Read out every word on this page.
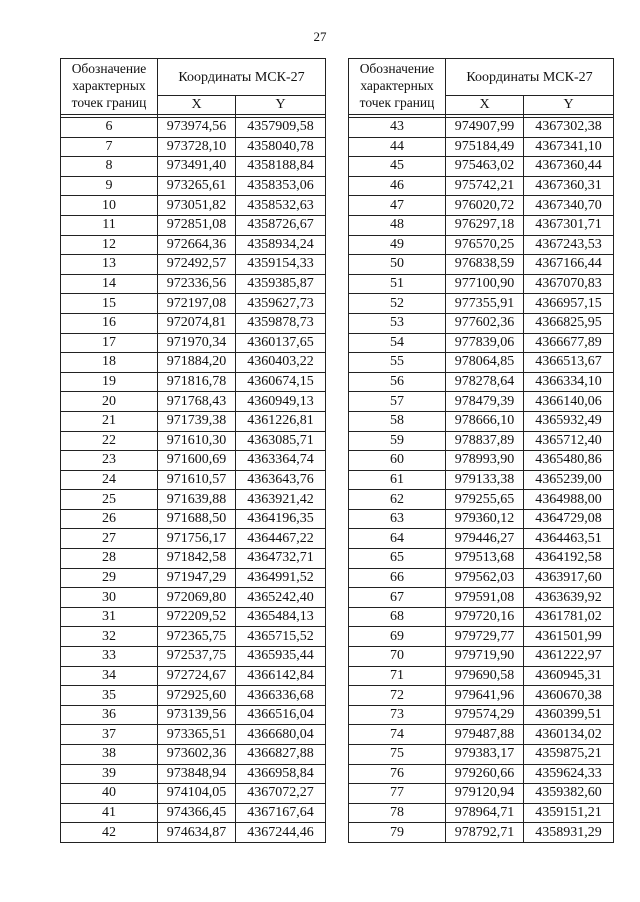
27
Обозначение характерных точек границ	Координаты МСК-27	
	X	Y

6	973974,56	4357909,58
7	973728,10	4358040,78
8	973491,40	4358188,84
9	973265,61	4358353,06
10	973051,82	4358532,63
11	972851,08	4358726,67
12	972664,36	4358934,24
13	972492,57	4359154,33
14	972336,56	4359385,87
15	972197,08	4359627,73
16	972074,81	4359878,73
17	971970,34	4360137,65
18	971884,20	4360403,22
19	971816,78	4360674,15
20	971768,43	4360949,13
21	971739,38	4361226,81
22	971610,30	4363085,71
23	971600,69	4363364,74
24	971610,57	4363643,76
25	971639,88	4363921,42
26	971688,50	4364196,35
27	971756,17	4364467,22
28	971842,58	4364732,71
29	971947,29	4364991,52
30	972069,80	4365242,40
31	972209,52	4365484,13
32	972365,75	4365715,52
33	972537,75	4365935,44
34	972724,67	4366142,84
35	972925,60	4366336,68
36	973139,56	4366516,04
37	973365,51	4366680,04
38	973602,36	4366827,88
39	973848,94	4366958,84
40	974104,05	4367072,27
41	974366,45	4367167,64
42	974634,87	4367244,46
Обозначение характерных точек границ	Координаты МСК-27	
	X	Y

43	974907,99	4367302,38
44	975184,49	4367341,10
45	975463,02	4367360,44
46	975742,21	4367360,31
47	976020,72	4367340,70
48	976297,18	4367301,71
49	976570,25	4367243,53
50	976838,59	4367166,44
51	977100,90	4367070,83
52	977355,91	4366957,15
53	977602,36	4366825,95
54	977839,06	4366677,89
55	978064,85	4366513,67
56	978278,64	4366334,10
57	978479,39	4366140,06
58	978666,10	4365932,49
59	978837,89	4365712,40
60	978993,90	4365480,86
61	979133,38	4365239,00
62	979255,65	4364988,00
63	979360,12	4364729,08
64	979446,27	4364463,51
65	979513,68	4364192,58
66	979562,03	4363917,60
67	979591,08	4363639,92
68	979720,16	4361781,02
69	979729,77	4361501,99
70	979719,90	4361222,97
71	979690,58	4360945,31
72	979641,96	4360670,38
73	979574,29	4360399,51
74	979487,88	4360134,02
75	979383,17	4359875,21
76	979260,66	4359624,33
77	979120,94	4359382,60
78	978964,71	4359151,21
79	978792,71	4358931,29
